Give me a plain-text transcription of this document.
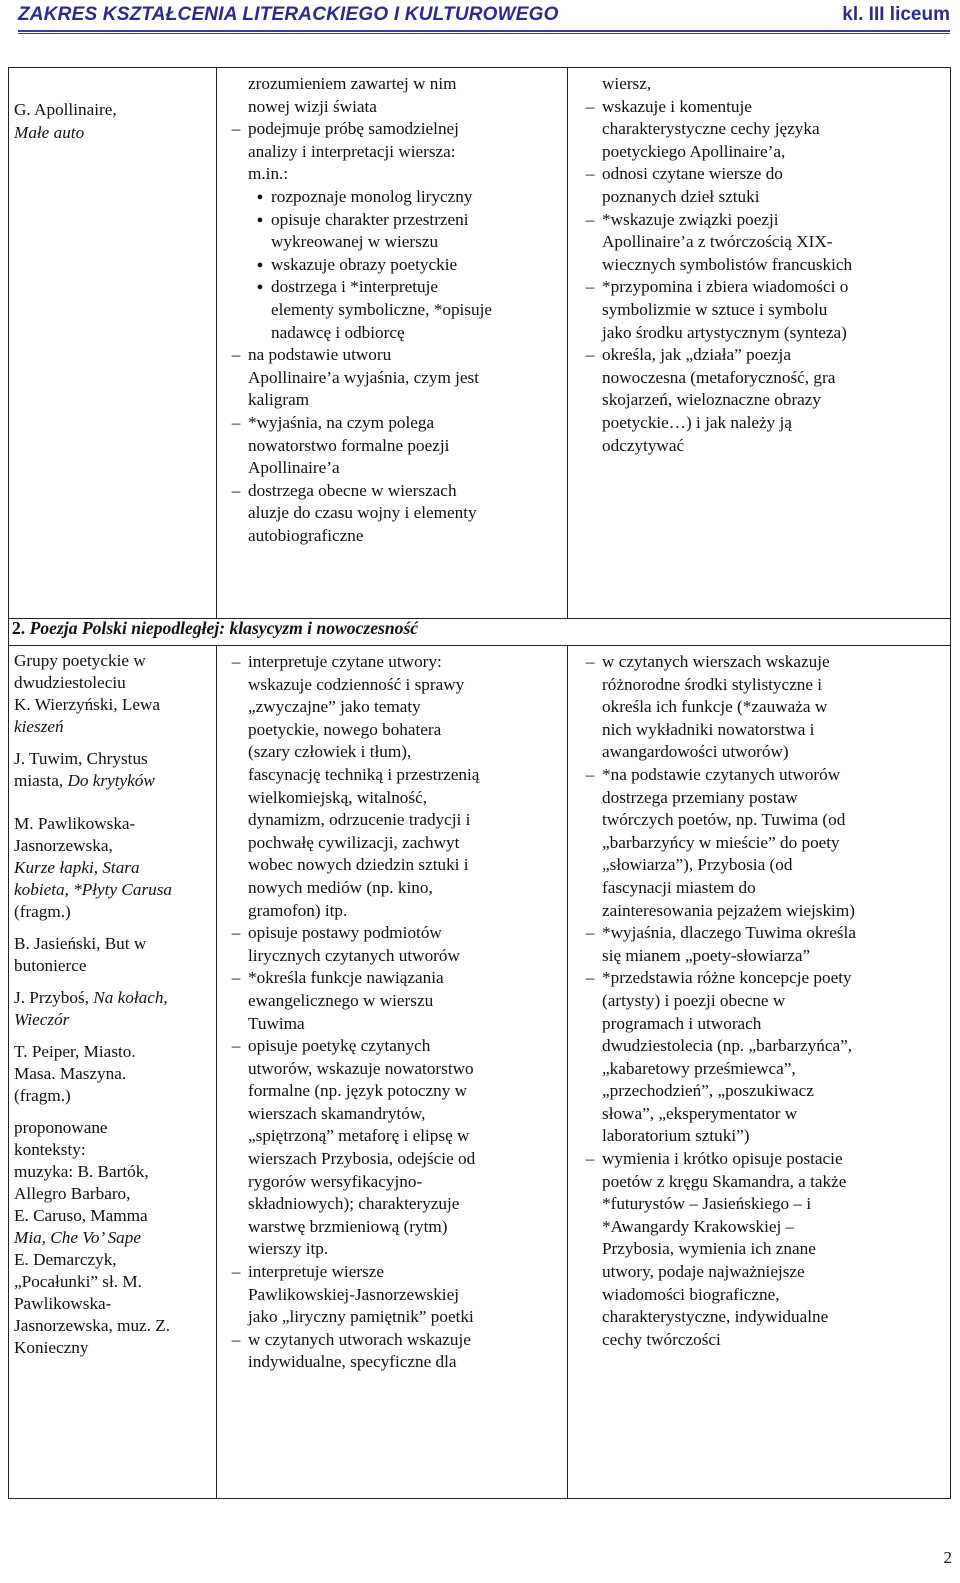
ZAKRES KSZTAŁCENIA LITERACKIEGO I KULTUROWEGO	kl. III liceum

G. Apollinaire,

Małe auto

zrozumieniem zawartej w nim

nowej wizji świata

– podejmuje próbę samodzielnej
analizy i interpretacji wiersza:
m.in.:
● rozpoznaje monolog liryczny
● opisuje charakter przestrzeni
wykreowanej w wierszu
● wskazuje obrazy poetyckie
● dostrzega i *interpretuje
elementy symboliczne, *opisuje
nadawcę i odbiorcę
– na podstawie utworu
Apollinaire’a wyjaśnia, czym jest
kaligram
– *wyjaśnia, na czym polega
nowatorstwo formalne poezji
Apollinaire’a
– dostrzega obecne w wierszach
aluzje do czasu wojny i elementy
autobiograficzne

wiersz,

– wskazuje i komentuje
charakterystyczne cechy języka
poetyckiego Apollinaire’a,
– odnosi czytane wiersze do
poznanych dzieł sztuki
– *wskazuje związki poezji
Apollinaire’a z twórczością XIX-
wiecznych symbolistów francuskich
– *przypomina i zbiera wiadomości o
symbolizmie w sztuce i symbolu
jako środku artystycznym (synteza)
– określa, jak „działa” poezja
nowoczesna (metaforyczność, gra
skojarzeń, wieloznaczne obrazy
poetyckie…) i jak należy ją
odczytywać
2. Poezja Polski niepodległej: klasycyzm i nowoczesność

Grupy poetyckie w

dwudziestoleciu

K. Wierzyński, Lewa

kieszeń

J. Tuwim, Chrystus

miasta, Do krytyków

M. Pawlikowska-

Jasnorzewska,

Kurze łapki, Stara

kobieta, *Płyty Carusa

(fragm.)

B. Jasieński, But w

butonierce

J. Przyboś, Na kołach,

Wieczór

T. Peiper, Miasto.

Masa. Maszyna.

(fragm.)

proponowane

konteksty:

muzyka: B. Bartók,

Allegro Barbaro,

E. Caruso, Mamma

Mia, Che Vo’ Sape

E. Demarczyk,

„Pocałunki” sł. M.

Pawlikowska-

Jasnorzewska, muz. Z.

Konieczny

– interpretuje czytane utwory:
wskazuje codzienność i sprawy
„zwyczajne” jako tematy
poetyckie, nowego bohatera
(szary człowiek i tłum),
fascynację techniką i przestrzenią
wielkomiejską, witalność,
dynamizm, odrzucenie tradycji i
pochwałę cywilizacji, zachwyt
wobec nowych dziedzin sztuki i
nowych mediów (np. kino,
gramofon) itp.
– opisuje postawy podmiotów
lirycznych czytanych utworów
– *określa funkcje nawiązania
ewangelicznego w wierszu
Tuwima
– opisuje poetykę czytanych
utworów, wskazuje nowatorstwo
formalne (np. język potoczny w
wierszach skamandrytów,
„spiętrzoną” metaforę i elipsę w
wierszach Przybosia, odejście od
rygorów wersyfikacyjno-
składniowych); charakteryzuje
warstwę brzmieniową (rytm)
wierszy itp.
– interpretuje wiersze
Pawlikowskiej-Jasnorzewskiej
jako „liryczny pamiętnik” poetki
– w czytanych utworach wskazuje
indywidualne, specyficzne dla
– w czytanych wierszach wskazuje
różnorodne środki stylistyczne i
określa ich funkcje (*zauważa w
nich wykładniki nowatorstwa i
awangardowości utworów)
– *na podstawie czytanych utworów
dostrzega przemiany postaw
twórczych poetów, np. Tuwima (od
„barbarzyńcy w mieście” do poety
„słowiarza”), Przybosia (od
fascynacji miastem do
zainteresowania pejzażem wiejskim)
– *wyjaśnia, dlaczego Tuwima określa
się mianem „poety-słowiarza”
– *przedstawia różne koncepcje poety
(artysty) i poezji obecne w
programach i utworach
dwudziestolecia (np. „barbarzyńca”,
„kabaretowy prześmiewca”,
„przechodzień”, „poszukiwacz
słowa”, „eksperymentator w
laboratorium sztuki”)
– wymienia i krótko opisuje postacie
poetów z kręgu Skamandra, a także
*futurystów – Jasieńskiego – i
*Awangardy Krakowskiej –
Przybosia, wymienia ich znane
utwory, podaje najważniejsze
wiadomości biograficzne,
charakterystyczne, indywidualne
cechy twórczości
2
